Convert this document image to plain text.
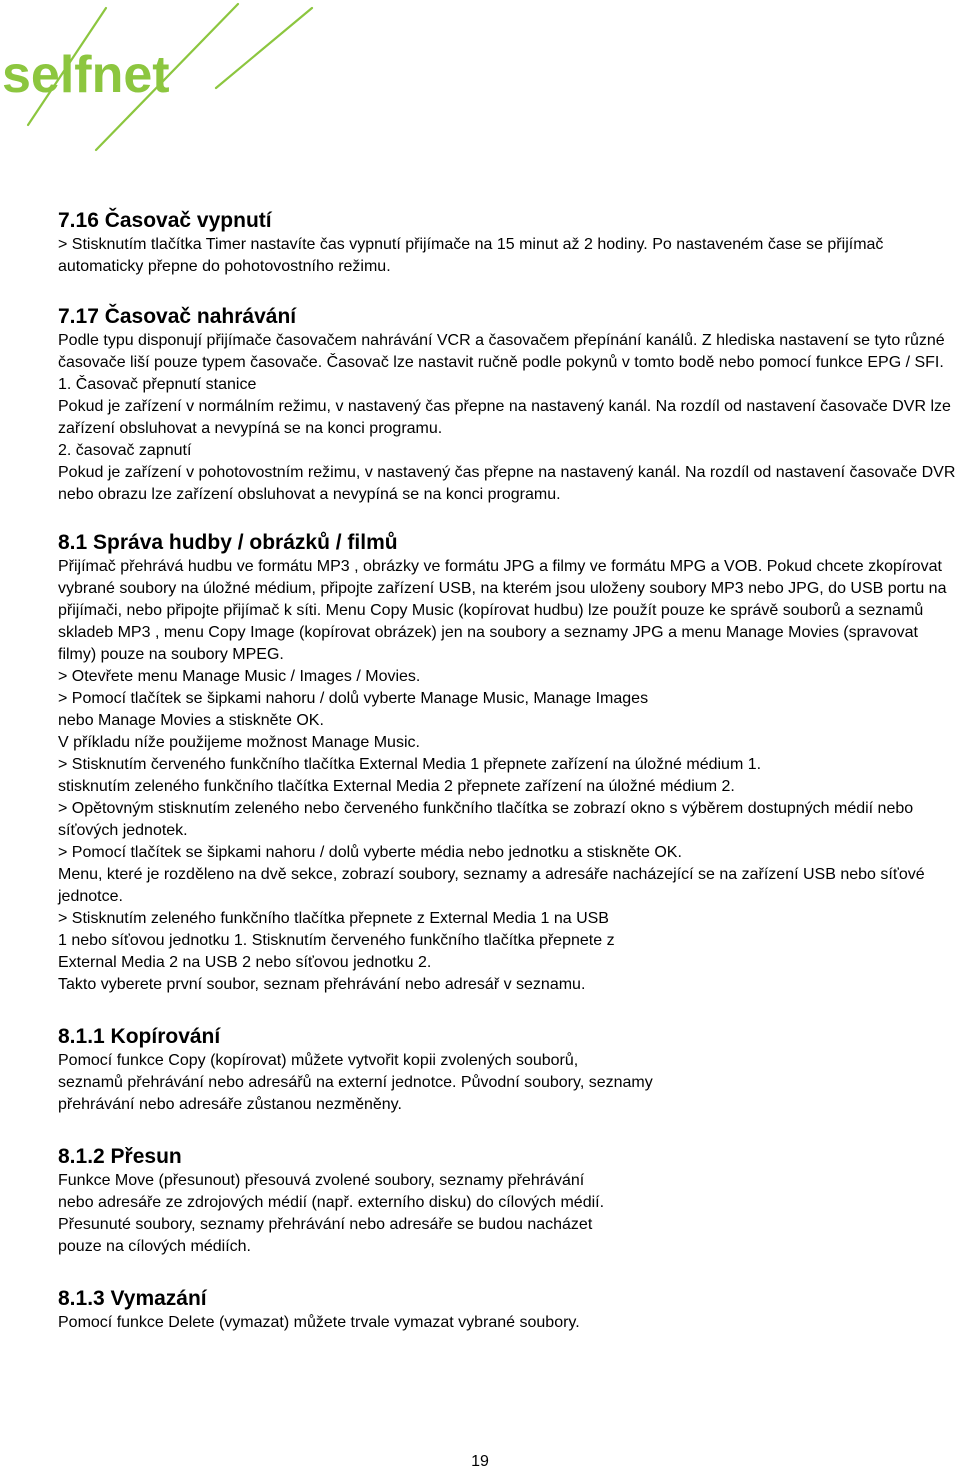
selfnet
7.16 Časovač vypnutí

> Stisknutím tlačítka Timer nastavíte čas vypnutí přijímače na 15 minut až 2 hodiny. Po nastaveném čase se přijímač automaticky přepne do pohotovostního režimu.

7.17 Časovač nahrávání

Podle typu disponují přijímače časovačem nahrávání VCR a časovačem přepínání kanálů. Z hlediska nastavení se tyto různé časovače liší pouze typem časovače. Časovač lze nastavit ručně podle pokynů v tomto bodě nebo pomocí funkce EPG / SFI.

1. Časovač přepnutí stanice

Pokud je zařízení v normálním režimu, v nastavený čas přepne na nastavený kanál. Na rozdíl od nastavení časovače DVR lze zařízení obsluhovat a nevypíná se na konci programu.

2. časovač zapnutí

Pokud je zařízení v pohotovostním režimu, v nastavený čas přepne na nastavený kanál. Na rozdíl od nastavení časovače DVR nebo obrazu lze zařízení obsluhovat a nevypíná se na konci programu.

8.1 Správa hudby / obrázků / filmů

Přijímač přehrává hudbu ve formátu MP3 , obrázky ve formátu JPG a filmy ve formátu MPG a VOB. Pokud chcete zkopírovat vybrané soubory na úložné médium, připojte zařízení USB, na kterém jsou uloženy soubory MP3 nebo JPG, do USB portu na přijímači, nebo připojte přijímač k síti. Menu Copy Music (kopírovat hudbu) lze použít pouze ke správě souborů a seznamů skladeb MP3 , menu Copy Image (kopírovat obrázek) jen na soubory a seznamy JPG a menu Manage Movies (spravovat filmy) pouze na soubory MPEG.

> Otevřete menu Manage Music / Images / Movies.

> Pomocí tlačítek se šipkami nahoru / dolů vyberte Manage Music, Manage Images
nebo Manage Movies a stiskněte OK.

V příkladu níže použijeme možnost Manage Music.

> Stisknutím červeného funkčního tlačítka External Media 1 přepnete zařízení na úložné médium 1.

stisknutím zeleného funkčního tlačítka External Media 2 přepnete zařízení na úložné médium 2.

> Opětovným stisknutím zeleného nebo červeného funkčního tlačítka se zobrazí okno s výběrem dostupných médií nebo síťových jednotek.

> Pomocí tlačítek se šipkami nahoru / dolů vyberte média nebo jednotku a stiskněte OK.

Menu, které je rozděleno na dvě sekce, zobrazí soubory, seznamy a adresáře nacházející se na zařízení USB nebo síťové jednotce.

> Stisknutím zeleného funkčního tlačítka přepnete z External Media 1 na USB
1 nebo síťovou jednotku 1. Stisknutím červeného funkčního tlačítka přepnete z
External Media 2 na USB 2 nebo síťovou jednotku 2.

Takto vyberete první soubor, seznam přehrávání nebo adresář v seznamu.

8.1.1 Kopírování

Pomocí funkce Copy (kopírovat) můžete vytvořit kopii zvolených souborů,
seznamů přehrávání nebo adresářů na externí jednotce. Původní soubory, seznamy
přehrávání nebo adresáře zůstanou nezměněny.

8.1.2 Přesun

Funkce Move (přesunout) přesouvá zvolené soubory, seznamy přehrávání
nebo adresáře ze zdrojových médií (např. externího disku) do cílových médií.
Přesunuté soubory, seznamy přehrávání nebo adresáře se budou nacházet
pouze na cílových médiích.

8.1.3 Vymazání

Pomocí funkce Delete (vymazat) můžete trvale vymazat vybrané soubory.

19
